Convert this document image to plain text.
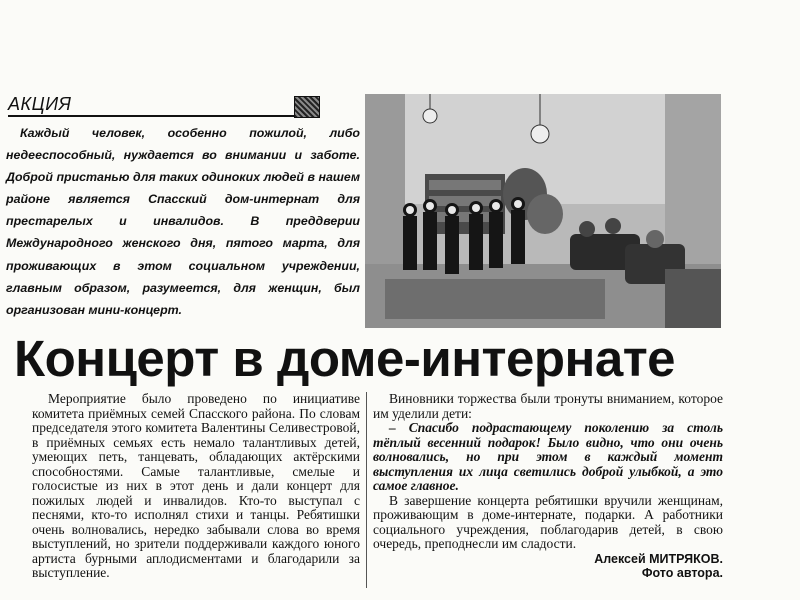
АКЦИЯ
Каждый человек, особенно пожилой, либо недееспособный, нуждается во внимании и заботе. Доброй пристанью для таких одиноких людей в нашем районе является Спасский дом-интернат для престарелых и инвалидов. В преддверии Международного женского дня, пятого марта, для проживающих в этом социальном учреждении, главным образом, разумеется, для женщин, был организован мини-концерт.
Концерт в доме-интернате

Мероприятие было проведено по инициативе комитета приёмных семей Спасского района. По словам председателя этого комитета Валентины Селивестровой, в приёмных семьях есть немало талантливых детей, умеющих петь, танцевать, обладающих актёрскими способностями. Самые талантливые, смелые и голосистые из них в этот день и дали концерт для пожилых людей и инвалидов. Кто-то выступал с песнями, кто-то исполнял стихи и танцы. Ребятишки очень волновались, нередко забывали слова во время выступлений, но зрители поддерживали каждого юного артиста бурными аплодисментами и благодарили за выступление.

Виновники торжества были тронуты вниманием, которое им уделили дети:

– Спасибо подрастающему поколению за столь тёплый весенний подарок! Было видно, что они очень волновались, но при этом в каждый момент выступления их лица светились доброй улыбкой, а это самое главное.

В завершение концерта ребятишки вручили женщинам, проживающим в доме-интернате, подарки. А работники социального учреждения, поблагодарив детей, в свою очередь, преподнесли им сладости.

Алексей МИТРЯКОВ.

Фото автора.
